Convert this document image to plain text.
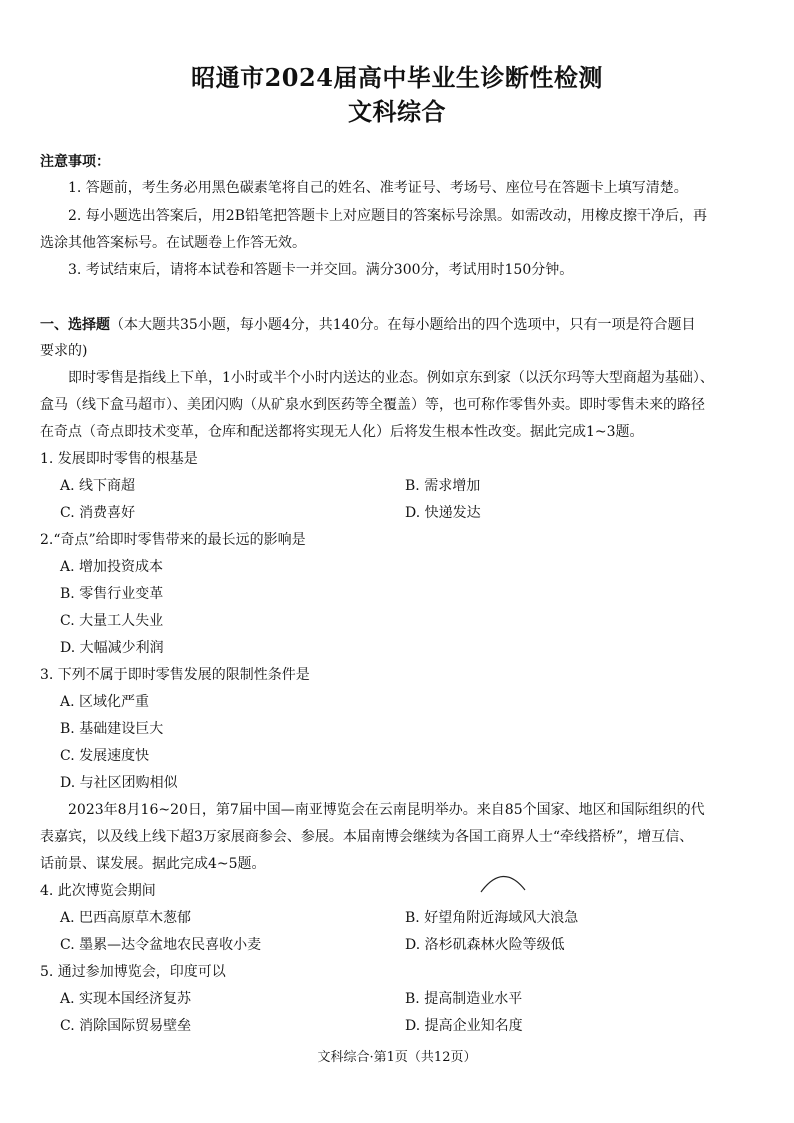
昭通市2024届高中毕业生诊断性检测
文科综合
注意事项：
1. 答题前，考生务必用黑色碳素笔将自己的姓名、准考证号、考场号、座位号在答题卡上填写清楚。
2. 每小题选出答案后，用2B铅笔把答题卡上对应题目的答案标号涂黑。如需改动，用橡皮擦干净后，再
选涂其他答案标号。在试题卷上作答无效。
3. 考试结束后，请将本试卷和答题卡一并交回。满分300分，考试用时150分钟。
一、选择题（本大题共35小题，每小题4分，共140分。在每小题给出的四个选项中，只有一项是符合题目
要求的)
即时零售是指线上下单，1小时或半个小时内送达的业态。例如京东到家（以沃尔玛等大型商超为基础）、
盒马（线下盒马超市）、美团闪购（从矿泉水到医药等全覆盖）等，也可称作零售外卖。即时零售未来的路径
在奇点（奇点即技术变革，仓库和配送都将实现无人化）后将发生根本性改变。据此完成1~3题。
1. 发展即时零售的根基是
A. 线下商超	B. 需求增加
C. 消费喜好	D. 快递发达
2.“奇点”给即时零售带来的最长远的影响是
A. 增加投资成本
B. 零售行业变革
C. 大量工人失业
D. 大幅减少利润
3. 下列不属于即时零售发展的限制性条件是
A. 区域化严重
B. 基础建设巨大
C. 发展速度快
D. 与社区团购相似
2023年8月16~20日，第7届中国—南亚博览会在云南昆明举办。来自85个国家、地区和国际组织的代
表嘉宾，以及线上线下超3万家展商参会、参展。本届南博会继续为各国工商界人士“牵线搭桥”，增互信、
话前景、谋发展。据此完成4~5题。
4. 此次博览会期间
A. 巴西高原草木葱郁	B. 好望角附近海域风大浪急
C. 墨累—达令盆地农民喜收小麦	D. 洛杉矶森林火险等级低
5. 通过参加博览会，印度可以
A. 实现本国经济复苏	B. 提高制造业水平
C. 消除国际贸易壁垒	D. 提高企业知名度
文科综合·第1页（共12页）
